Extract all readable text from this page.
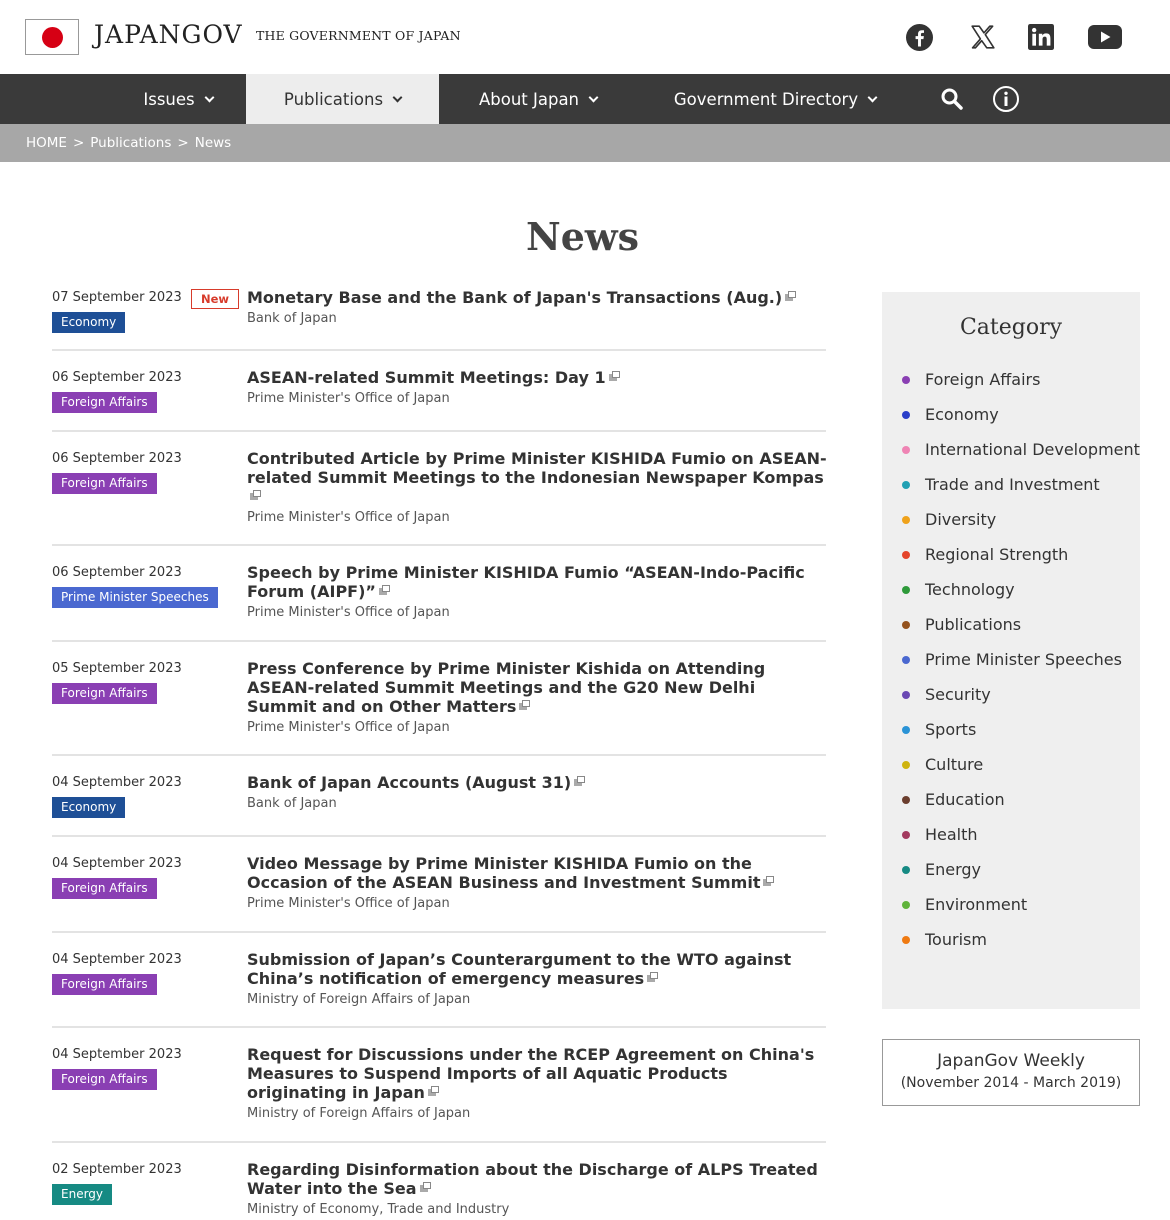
JAPANGOV THE GOVERNMENT OF JAPAN
Issues	Publications	About Japan	Government Directory
HOME > Publications > News
News
07 September 2023	New
Economy
Monetary Base and the Bank of Japan's Transactions (Aug.)
Bank of Japan
06 September 2023
Foreign Affairs
ASEAN-related Summit Meetings: Day 1
Prime Minister's Office of Japan
06 September 2023
Foreign Affairs
Contributed Article by Prime Minister KISHIDA Fumio on ASEAN-related Summit Meetings to the Indonesian Newspaper Kompas
Prime Minister's Office of Japan
06 September 2023
Prime Minister Speeches
Speech by Prime Minister KISHIDA Fumio “ASEAN-Indo-Pacific Forum (AIPF)”
Prime Minister's Office of Japan
05 September 2023
Foreign Affairs
Press Conference by Prime Minister Kishida on Attending ASEAN-related Summit Meetings and the G20 New Delhi Summit and on Other Matters
Prime Minister's Office of Japan
04 September 2023
Economy
Bank of Japan Accounts (August 31)
Bank of Japan
04 September 2023
Foreign Affairs
Video Message by Prime Minister KISHIDA Fumio on the Occasion of the ASEAN Business and Investment Summit
Prime Minister's Office of Japan
04 September 2023
Foreign Affairs
Submission of Japan’s Counterargument to the WTO against China’s notification of emergency measures
Ministry of Foreign Affairs of Japan
04 September 2023
Foreign Affairs
Request for Discussions under the RCEP Agreement on China's Measures to Suspend Imports of all Aquatic Products originating in Japan
Ministry of Foreign Affairs of Japan
02 September 2023
Energy
Regarding Disinformation about the Discharge of ALPS Treated Water into the Sea
Ministry of Economy, Trade and Industry
Category
Foreign Affairs
Economy
International Development
Trade and Investment
Diversity
Regional Strength
Technology
Publications
Prime Minister Speeches
Security
Sports
Culture
Education
Health
Energy
Environment
Tourism
JapanGov Weekly
(November 2014 - March 2019)
